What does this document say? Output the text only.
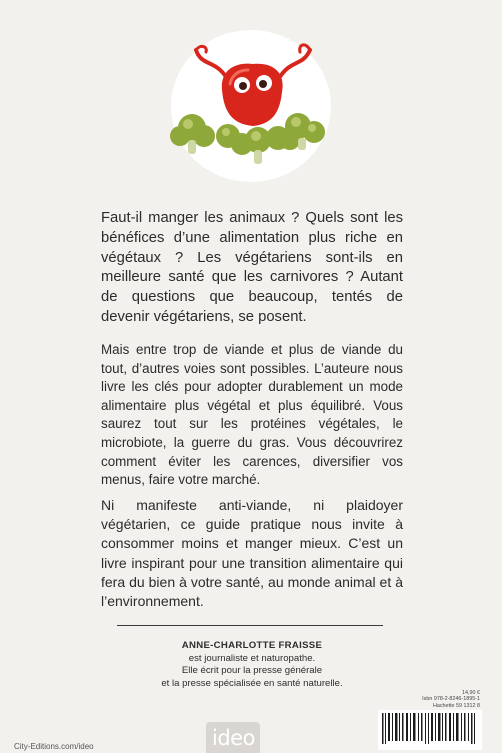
Faut-il manger les animaux ? Quels sont les bénéfices d’une alimentation plus riche en végétaux ? Les végétariens sont-ils en meilleure santé que les carnivores ? Autant de questions que beaucoup, tentés de devenir végétariens, se posent.
Mais entre trop de viande et plus de viande du tout, d’autres voies sont possibles. L’auteure nous livre les clés pour adopter durablement un mode alimentaire plus végétal et plus équilibré. Vous saurez tout sur les protéines végétales, le microbiote, la guerre du gras. Vous découvrirez comment éviter les carences, diversifier vos menus, faire votre marché.
Ni manifeste anti-viande, ni plaidoyer végétarien, ce guide pratique nous invite à consommer moins et manger mieux. C’est un livre inspirant pour une transition alimentaire qui fera du bien à votre santé, au monde animal et à l’environnement.
ANNE-CHARLOTTE FRAISSE
est journaliste et naturopathe.
Elle écrit pour la presse générale
et la presse spécialisée en santé naturelle.
14,90 €
Isbn 978-2-8246-1895-1
Hachette 59 1312 8
City-Editions.com/ideo	ideo
